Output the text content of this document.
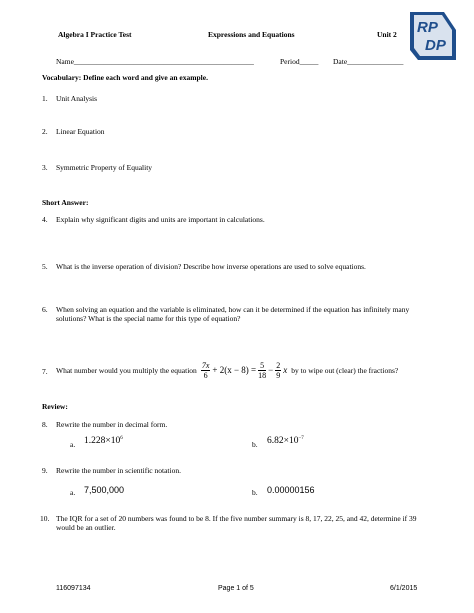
Algebra I Practice Test	Expressions and Equations	Unit 2 RP
DP
Name________________________________________________	Period_____ Date_______________
Vocabulary: Define each word and give an example.
1. Unit Analysis
2. Linear Equation
3. Symmetric Property of Equality
Short Answer:
4. Explain why significant digits and units are important in calculations.
5. What is the inverse operation of division? Describe how inverse operations are used to solve equations.
6. When solving an equation and the variable is eliminated, how can it be determined if the equation has infinitely many
solutions? What is the special name for this type of equation?
7. What number would you multiply the equation $\frac{7x}{6} + 2(x - 8) = \frac{5}{18} - \frac{2}{9}$ x by to wipe out (clear) the fractions?
Review:
8. Rewrite the number in decimal form.
a. $1.228\times 10^6$
b. $6.82\times 10^{-7}$
9. Rewrite the number in scientific notation.
a. 7,500,000	b. 0.00000156
10. The IQR for a set of 20 numbers was found to be 8. If the five number summary is 8, 17, 22, 25, and 42, determine if 39
would be an outlier.
116097134	Page 1 of 5	6/1/2015
